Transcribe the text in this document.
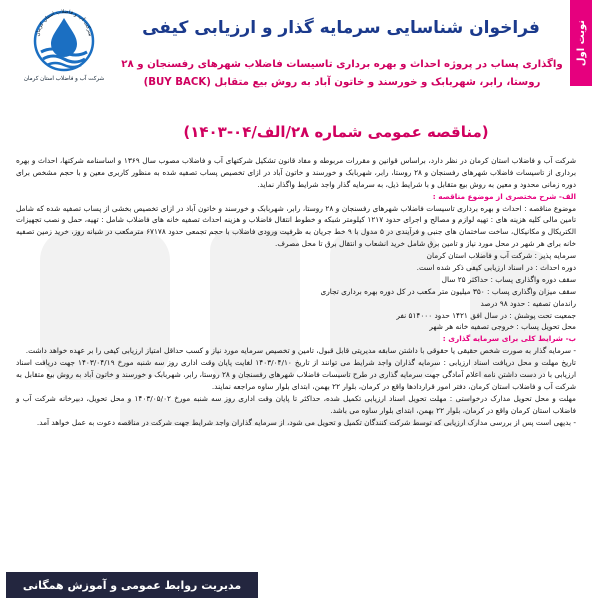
نوبت اول
شرکت آب و فاضلاب استان کرمان
شرکت آب و فاضلاب استان کرمان
فراخوان شناسایی سرمایه گذار و ارزیابی کیفی
واگذاری پساب در پروژه احداث و بهره برداری تاسیسات فاضلاب شهرهای رفسنجان و ۲۸ روستا، رابر، شهربابک و خورسند و خاتون آباد به روش بیع متقابل (BUY BACK)
(مناقصه عمومی شماره ۲۸/الف/۰۴-۱۴۰۳)

شرکت آب و فاضلاب استان کرمان در نظر دارد، براساس قوانین و مقررات مربوطه و مفاد قانون تشکیل شرکتهای آب و فاضلاب مصوب سال ۱۳۶۹ و اساسنامه شرکتها، احداث و بهره برداری از تاسیسات فاضلاب شهرهای رفسنجان و ۲۸ روستا، رابر، شهربابک و خورسند و خاتون آباد در ازای تخصیص پساب تصفیه شده به منظور کاربری معین و با حجم مشخص برای دوره زمانی محدود و معین به روش بیع متقابل و با شرایط ذیل، به سرمایه گذار واجد شرایط واگذار نماید.

الف- شرح مختصری از موضوع مناقصه :

موضوع مناقصه : احداث و بهره برداری تاسیسات فاضلاب شهرهای رفسنجان و ۲۸ روستا، رابر، شهربابک و خورسند و خاتون آباد در ازای تخصیص بخشی از پساب تصفیه شده که شامل تامین مالی کلیه هزینه های : تهیه لوازم و مصالح و اجرای حدود ۱۲۱۷ کیلومتر شبکه و خطوط انتقال فاضلاب و هزینه احداث تصفیه خانه های فاضلاب شامل : تهیه، حمل و نصب تجهیزات الکتریکال و مکانیکال، ساخت ساختمان های جنبی و فرآیندی در ۵ مدول با ۹ خط جریان به ظرفیت ورودی فاضلاب با حجم تجمعی حدود ۶۷۱۷۸ مترمکعب در شبانه روز، خرید زمین تصفیه خانه برای هر شهر در محل مورد نیاز و تامین برق شامل خرید انشعاب و انتقال برق تا محل مصرف.

سرمایه پذیر : شرکت آب و فاضلاب استان کرمان

دوره احداث : در اسناد ارزیابی کیفی ذکر شده است.

سقف دوره واگذاری پساب : حداکثر ۲۵ سال

سقف میزان واگذاری پساب : ۳۵۰ میلیون متر مکعب در کل دوره بهره برداری تجاری

راندمان تصفیه : حدود ۹۸ درصد

جمعیت تحت پوشش : در سال افق ۱۴۲۱ حدود ۵۱۴۰۰۰ نفر

محل تحویل پساب : خروجی تصفیه خانه هر شهر

ب- شرایط کلی برای سرمایه گذاری :

- سرمایه گذار به صورت شخص حقیقی یا حقوقی با داشتن سابقه مدیریتی قابل قبول، تامین و تخصیص سرمایه مورد نیاز و کسب حداقل امتیاز ارزیابی کیفی را بر عهده خواهد داشت.

تاریخ مهلت و محل دریافت اسناد ارزیابی : سرمایه گذاران واجد شرایط می توانند از تاریخ ۱۴۰۳/۰۴/۱۰ لغایت پایان وقت اداری روز سه شنبه مورخ ۱۴۰۳/۰۴/۱۹ جهت دریافت اسناد ارزیابی با در دست داشتن نامه اعلام آمادگی جهت سرمایه گذاری در طرح تاسیسات فاضلاب شهرهای رفسنجان و ۲۸ روستا، رابر، شهربابک و خورسند و خاتون آباد به روش بیع متقابل به شرکت آب و فاضلاب استان کرمان، دفتر امور قراردادها واقع در کرمان، بلوار ۲۲ بهمن، ابتدای بلوار ساوه مراجعه نمایند.

مهلت و محل تحویل مدارک درخواستی : مهلت تحویل اسناد ارزیابی تکمیل شده، حداکثر تا پایان وقت اداری روز سه شنبه مورخ ۱۴۰۳/۰۵/۰۲ و محل تحویل، دبیرخانه شرکت آب و فاضلاب استان کرمان واقع در کرمان، بلوار ۲۲ بهمن، ابتدای بلوار ساوه می باشد.

- بدیهی است پس از بررسی مدارک ارزیابی که توسط شرکت کنندگان تکمیل و تحویل می شود، از سرمایه گذاران واجد شرایط جهت شرکت در مناقصه دعوت به عمل خواهد آمد.

مدیریت روابط عمومی و آموزش همگانی
